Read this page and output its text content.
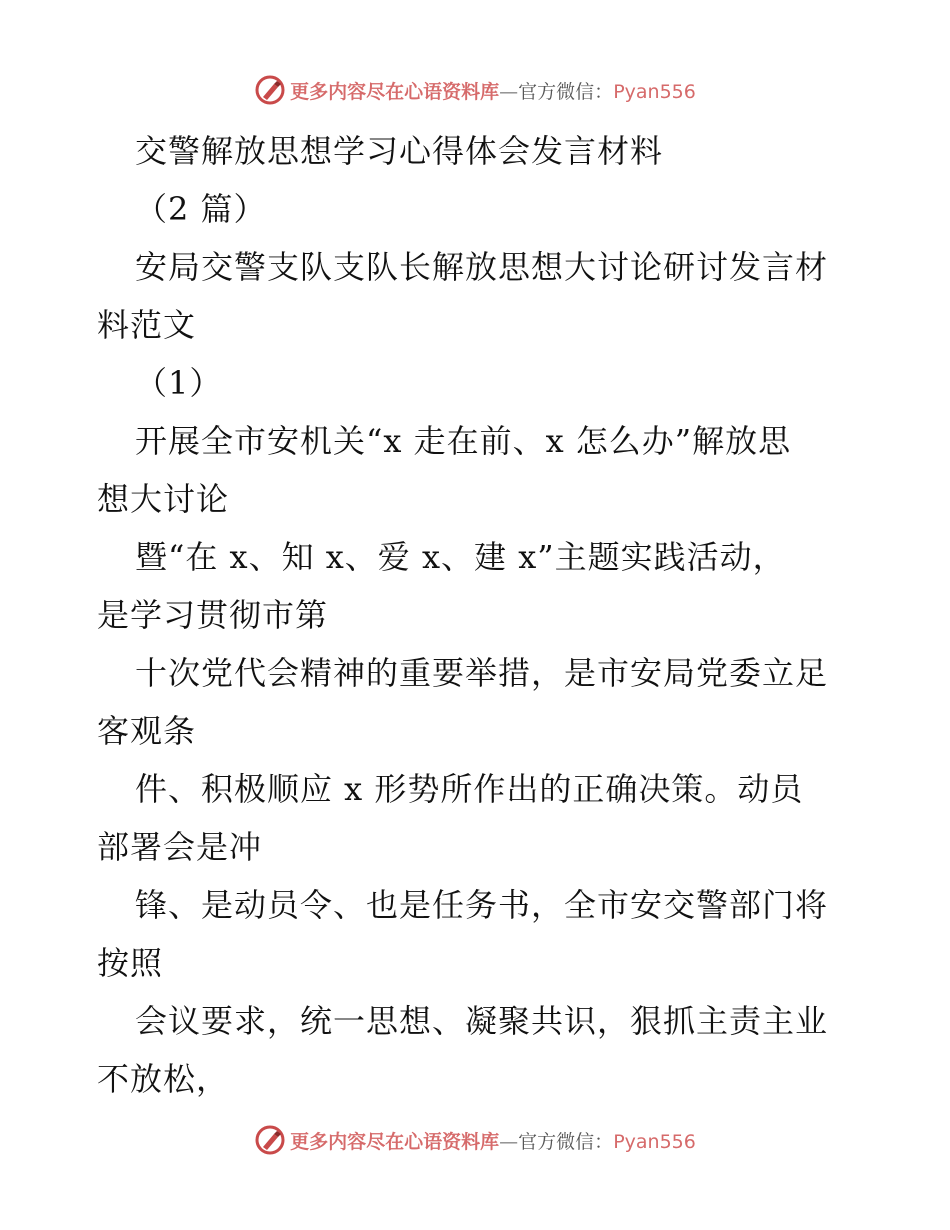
更多内容尽在心语资料库—官方微信：Pyan556
交警解放思想学习心得体会发言材料
（2 篇）
安局交警支队支队长解放思想大讨论研讨发言材
料范文
（1）
开展全市安机关“x 走在前、x 怎么办”解放思
想大讨论
暨“在 x、知 x、爱 x、建 x”主题实践活动，
是学习贯彻市第
十次党代会精神的重要举措，是市安局党委立足
客观条
件、积极顺应 x 形势所作出的正确决策。动员
部署会是冲
锋、是动员令、也是任务书，全市安交警部门将
按照
会议要求，统一思想、凝聚共识，狠抓主责主业
不放松，
更多内容尽在心语资料库—官方微信：Pyan556
